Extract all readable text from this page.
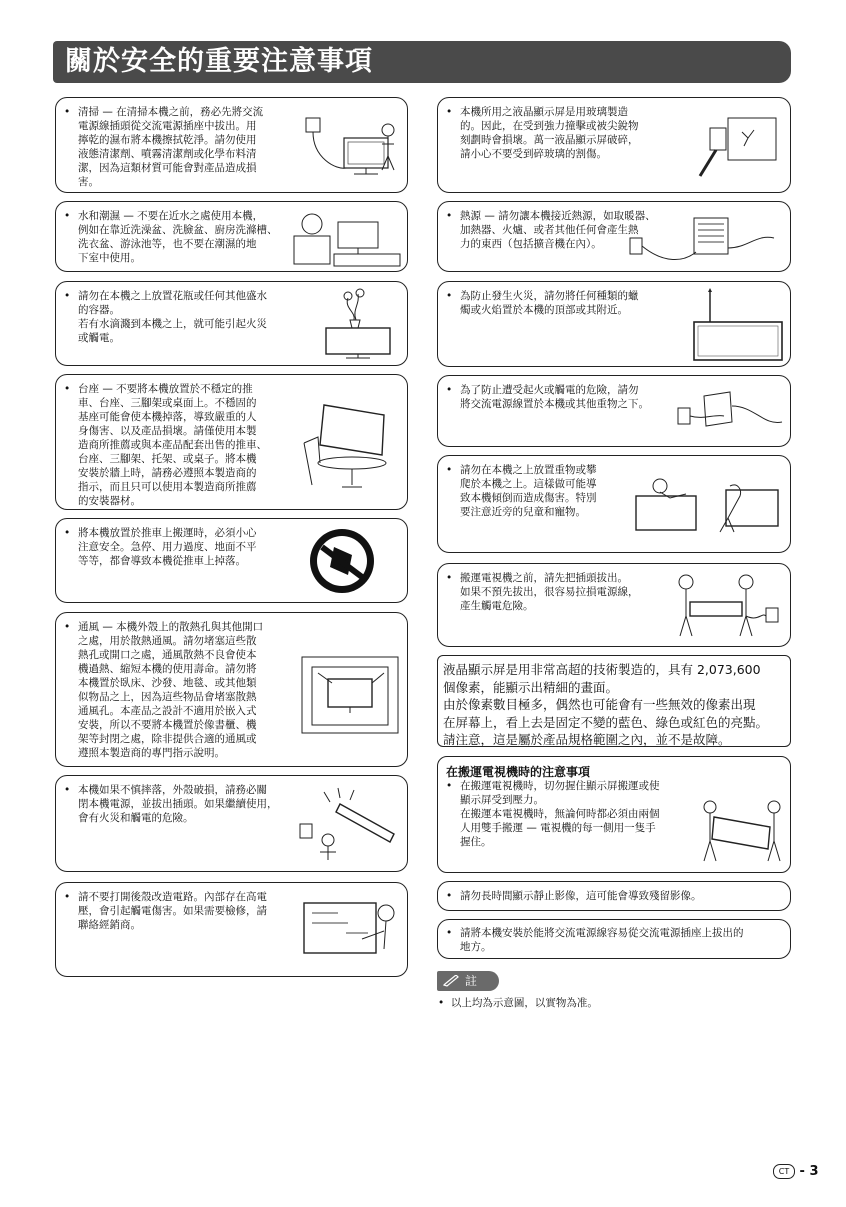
關於安全的重要注意事項
• 清掃 — 在清掃本機之前，務必先將交流
電源線插頭從交流電源插座中拔出。用
擰乾的濕布將本機擦拭乾淨。請勿使用
液態清潔劑、噴霧清潔劑或化學布料清
潔，因為這類材質可能會對產品造成損
害。
• 水和潮濕 — 不要在近水之處使用本機，
例如在靠近洗澡盆、洗臉盆、廚房洗滌槽、
洗衣盆、游泳池等，也不要在潮濕的地
下室中使用。
• 請勿在本機之上放置花瓶或任何其他盛水
的容器。
若有水滴濺到本機之上，就可能引起火災
或觸電。
• 台座 — 不要將本機放置於不穩定的推
車、台座、三腳架或桌面上。不穩固的
基座可能會使本機掉落，導致嚴重的人
身傷害、以及產品損壞。請僅使用本製
造商所推薦或與本產品配套出售的推車、
台座、三腳架、托架、或桌子。將本機
安裝於牆上時，請務必遵照本製造商的
指示，而且只可以使用本製造商所推薦
的安裝器材。
• 將本機放置於推車上搬運時，必須小心
注意安全。急停、用力過度、地面不平
等等，都會導致本機從推車上掉落。
• 通風 — 本機外殼上的散熱孔與其他開口
之處，用於散熱通風。請勿堵塞這些散
熱孔或開口之處，通風散熱不良會使本
機過熱、縮短本機的使用壽命。請勿將
本機置於臥床、沙發、地毯、或其他類
似物品之上，因為這些物品會堵塞散熱
通風孔。本產品之設計不適用於嵌入式
安裝，所以不要將本機置於像書櫃、機
架等封閉之處，除非提供合適的通風或
遵照本製造商的專門指示說明。
• 本機如果不慎摔落，外殼破損，請務必關
閉本機電源，並拔出插頭。如果繼續使用，
會有火災和觸電的危險。
• 請不要打開後殼改造電路。內部存在高電
壓，會引起觸電傷害。如果需要檢修，請
聯絡經銷商。
• 本機所用之液晶顯示屏是用玻璃製造
的。因此，在受到強力撞擊或被尖銳物
刻劃時會損壞。萬一液晶顯示屏破碎，
請小心不要受到碎玻璃的割傷。
• 熱源 — 請勿讓本機接近熱源，如取暖器、
加熱器、火爐、或者其他任何會產生熱
力的東西（包括擴音機在內）。
• 為防止發生火災，請勿將任何種類的蠟
燭或火焰置於本機的頂部或其附近。
• 為了防止遭受起火或觸電的危險，請勿
將交流電源線置於本機或其他重物之下。
• 請勿在本機之上放置重物或攀
爬於本機之上。這樣做可能導
致本機傾倒而造成傷害。特別
要注意近旁的兒童和寵物。
• 搬運電視機之前，請先把插頭拔出。
如果不預先拔出，很容易拉損電源線，
產生觸電危險。
液晶顯示屏是用非常高超的技術製造的，具有 2,073,600
個像素，能顯示出精細的畫面。
由於像素數目極多，偶然也可能會有一些無效的像素出現
在屏幕上，看上去是固定不變的藍色、綠色或紅色的亮點。
請注意，這是屬於產品規格範圍之內，並不是故障。
在搬運電視機時的注意事項
• 在搬運電視機時，切勿握住顯示屏搬運或使
顯示屏受到壓力。
在搬運本電視機時，無論何時都必須由兩個
人用雙手搬運 — 電視機的每一側用一隻手
握住。
• 請勿長時間顯示靜止影像，這可能會導致殘留影像。
• 請將本機安裝於能將交流電源線容易從交流電源插座上拔出的
地方。
註
• 以上均為示意圖，以實物為准。
CT - 3
